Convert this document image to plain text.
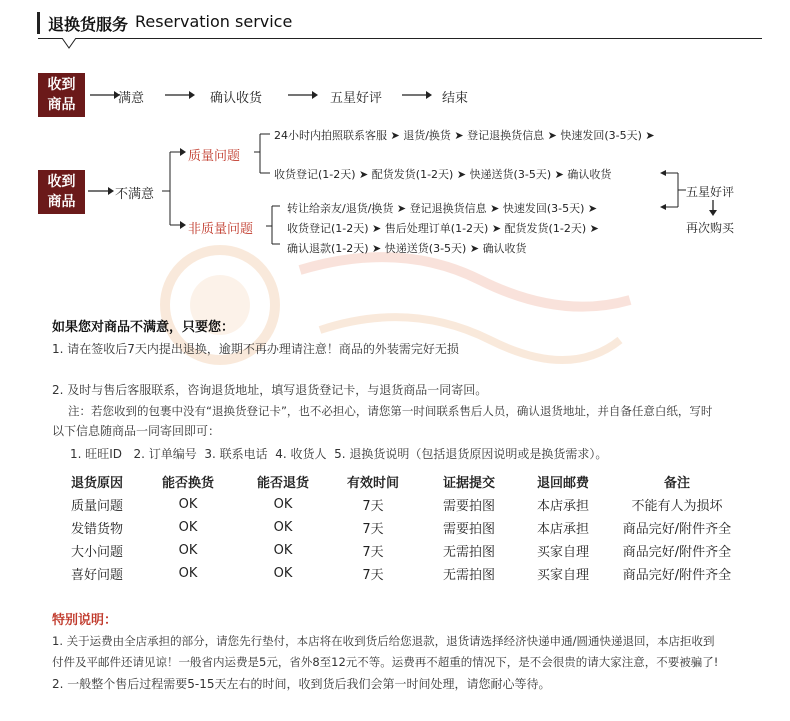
退换货服务 Reservation service
收到
商品	满意	确认收货	五星好评	结束
收到
商品	不满意
质量问题
非质量问题
24小时内拍照联系客服 ➤ 退货/换货 ➤ 登记退换货信息 ➤ 快速发回(3-5天) ➤
收货登记(1-2天) ➤ 配货发货(1-2天) ➤ 快递送货(3-5天) ➤ 确认收货
转让给亲友/退货/换货 ➤ 登记退换货信息 ➤ 快速发回(3-5天) ➤
收货登记(1-2天) ➤ 售后处理订单(1-2天) ➤ 配货发货(1-2天) ➤
确认退款(1-2天) ➤ 快递送货(3-5天) ➤ 确认收货
五星好评
再次购买
如果您对商品不满意，只要您：
1. 请在签收后7天内提出退换，逾期不再办理请注意！商品的外装需完好无损
2. 及时与售后客服联系，咨询退货地址，填写退货登记卡，与退货商品一同寄回。
注：若您收到的包裹中没有“退换货登记卡”，也不必担心，请您第一时间联系售后人员，确认退货地址，并自备任意白纸，写时
以下信息随商品一同寄回即可：
1. 旺旺ID   2. 订单编号  3. 联系电话  4. 收货人  5. 退换货说明（包括退货原因说明或是换货需求）。
退货原因	能否换货	能否退货	有效时间	证据提交	退回邮费	备注
质量问题	OK	OK	7天	需要拍图	本店承担	不能有人为损坏
发错货物	OK	OK	7天	需要拍图	本店承担	商品完好/附件齐全
大小问题	OK	OK	7天	无需拍图	买家自理	商品完好/附件齐全
喜好问题	OK	OK	7天	无需拍图	买家自理	商品完好/附件齐全
特别说明：
1. 关于运费由全店承担的部分，请您先行垫付，本店将在收到货后给您退款，退货请选择经济快递申通/圆通快递退回，本店拒收到
付件及平邮件还请见谅！一般省内运费是5元，省外8至12元不等。运费再不超重的情况下，是不会很贵的请大家注意，不要被骗了!
2. 一般整个售后过程需要5-15天左右的时间，收到货后我们会第一时间处理，请您耐心等待。
